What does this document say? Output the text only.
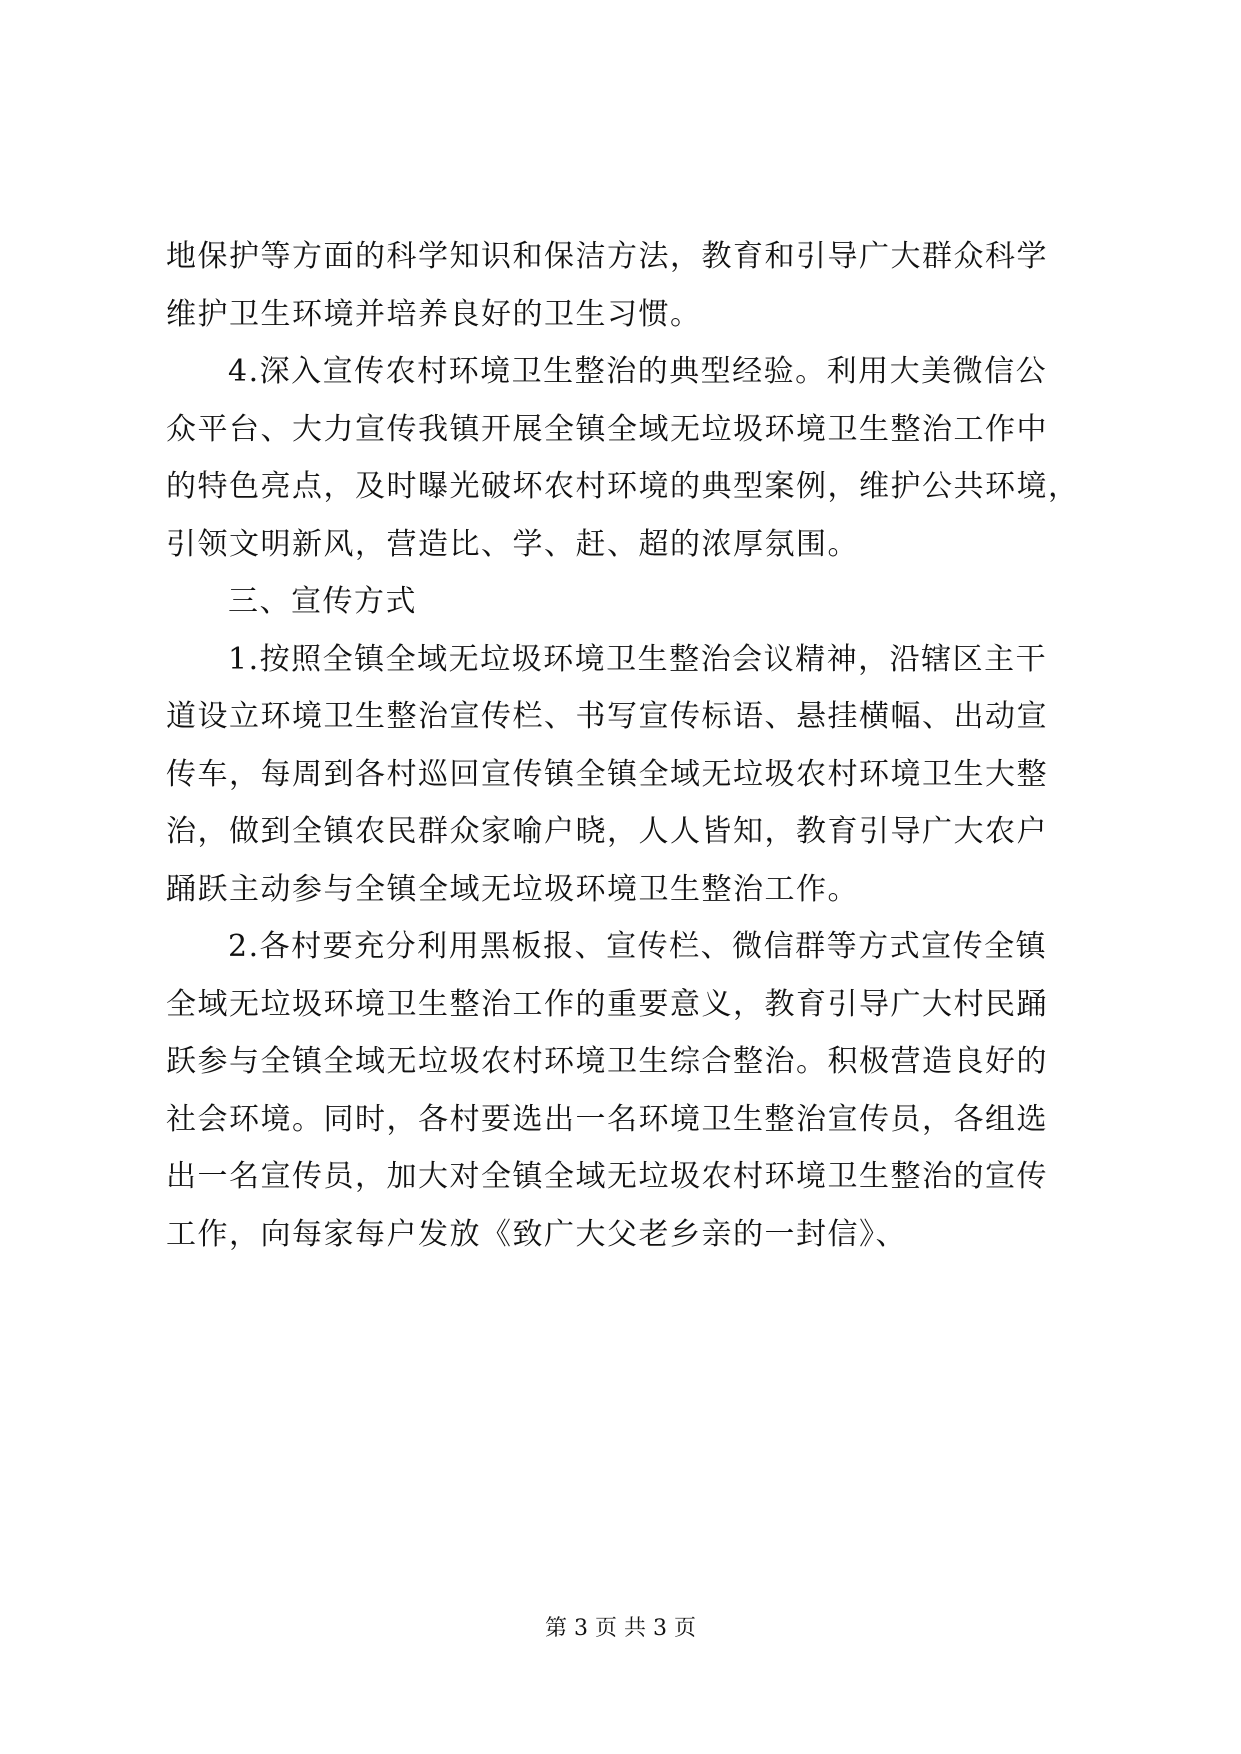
地保护等方面的科学知识和保洁方法，教育和引导广大群众科学
维护卫生环境并培养良好的卫生习惯。
4.深入宣传农村环境卫生整治的典型经验。利用大美微信公
众平台、大力宣传我镇开展全镇全域无垃圾环境卫生整治工作中
的特色亮点，及时曝光破坏农村环境的典型案例，维护公共环境，
引领文明新风，营造比、学、赶、超的浓厚氛围。
三、宣传方式
1.按照全镇全域无垃圾环境卫生整治会议精神，沿辖区主干
道设立环境卫生整治宣传栏、书写宣传标语、悬挂横幅、出动宣
传车，每周到各村巡回宣传镇全镇全域无垃圾农村环境卫生大整
治，做到全镇农民群众家喻户晓，人人皆知，教育引导广大农户
踊跃主动参与全镇全域无垃圾环境卫生整治工作。
2.各村要充分利用黑板报、宣传栏、微信群等方式宣传全镇
全域无垃圾环境卫生整治工作的重要意义，教育引导广大村民踊
跃参与全镇全域无垃圾农村环境卫生综合整治。积极营造良好的
社会环境。同时，各村要选出一名环境卫生整治宣传员，各组选
出一名宣传员，加大对全镇全域无垃圾农村环境卫生整治的宣传
工作，向每家每户发放《致广大父老乡亲的一封信》、
第 3 页 共 3 页
